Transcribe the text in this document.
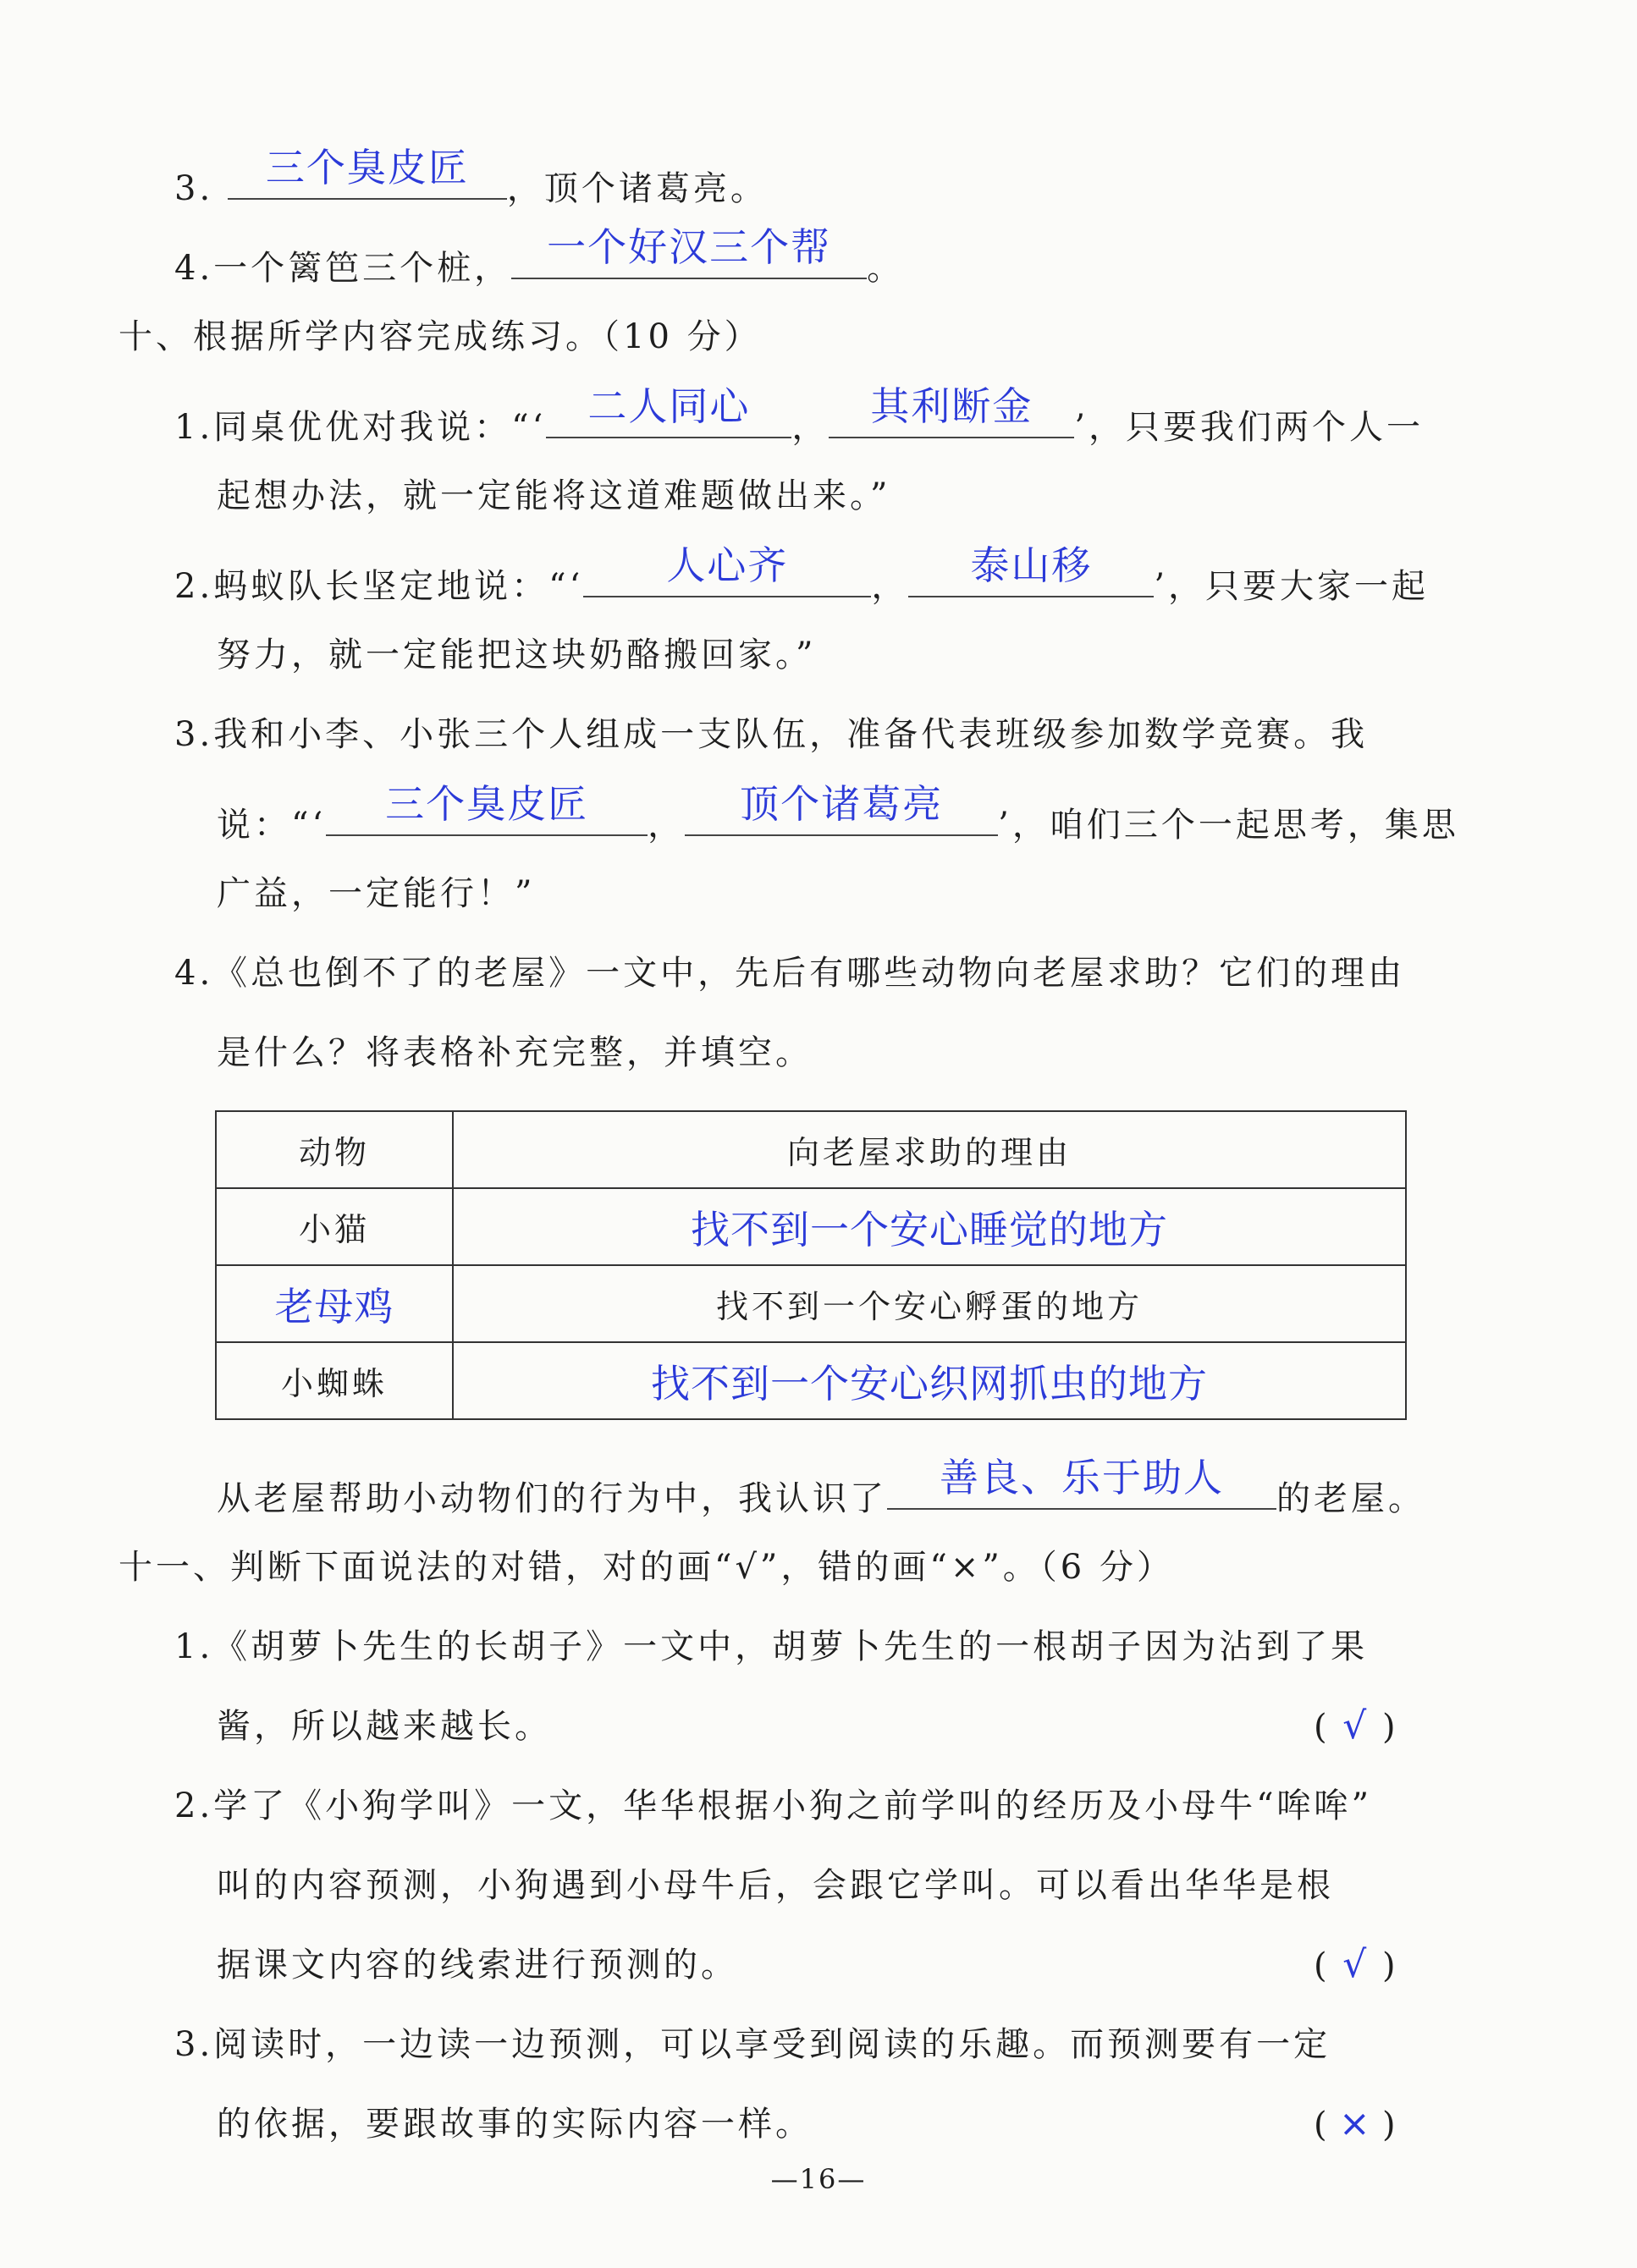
3.	三个臭皮匠	，顶个诸葛亮。
4.一个篱笆三个桩， 一个好汉三个帮	。
十、根据所学内容完成练习。（10 分）
1.同桌优优对我说：“‘	二人同心	，	其利断金	’，只要我们两个人一
起想办法，就一定能将这道难题做出来。”
2.蚂蚁队长坚定地说：“‘	人心齐	，	泰山移	’，只要大家一起
努力，就一定能把这块奶酪搬回家。”
3.我和小李、小张三个人组成一支队伍，准备代表班级参加数学竞赛。我
说：“‘	三个臭皮匠	，	顶个诸葛亮	’，咱们三个一起思考，集思
广益，一定能行！”
4.《总也倒不了的老屋》一文中，先后有哪些动物向老屋求助？它们的理由
是什么？将表格补充完整，并填空。
动物	向老屋求助的理由
小猫	找不到一个安心睡觉的地方
老母鸡	找不到一个安心孵蛋的地方
小蜘蛛	找不到一个安心织网抓虫的地方
从老屋帮助小动物们的行为中，我认识了	善良、乐于助人	的老屋。
十一、判断下面说法的对错，对的画“√”，错的画“×”。（6 分）
1.《胡萝卜先生的长胡子》一文中，胡萝卜先生的一根胡子因为沾到了果
酱，所以越来越长。	( √ )
2.学了《小狗学叫》一文，华华根据小狗之前学叫的经历及小母牛“哞哞”
叫的内容预测，小狗遇到小母牛后，会跟它学叫。可以看出华华是根
据课文内容的线索进行预测的。	( √ )
3.阅读时，一边读一边预测，可以享受到阅读的乐趣。而预测要有一定
的依据，要跟故事的实际内容一样。	( × )
—16—
